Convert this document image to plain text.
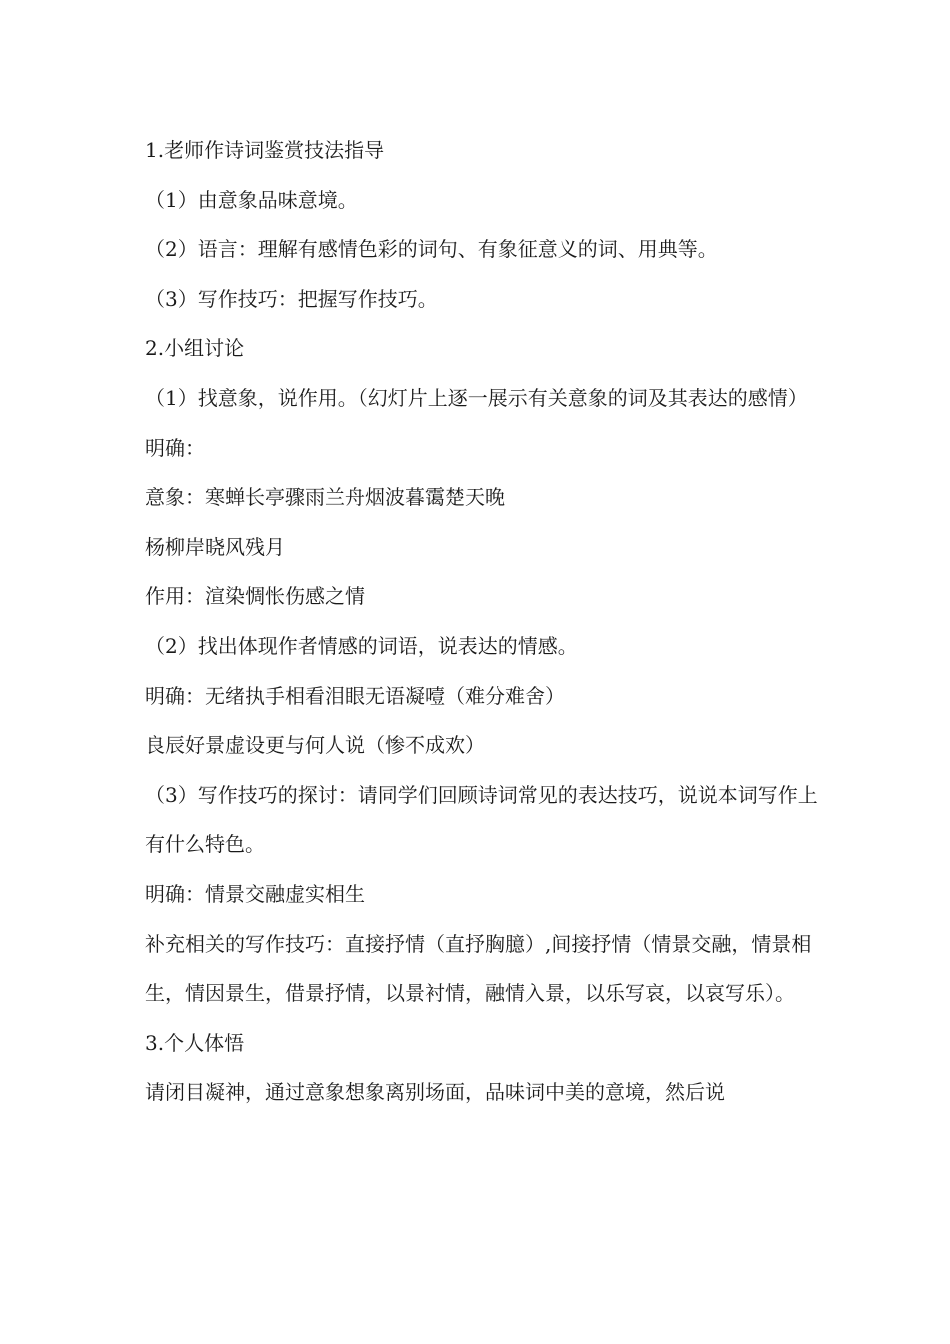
1.老师作诗词鉴赏技法指导

（1）由意象品味意境。

（2）语言：理解有感情色彩的词句、有象征意义的词、用典等。

（3）写作技巧：把握写作技巧。

2.小组讨论

（1）找意象，说作用。（幻灯片上逐一展示有关意象的词及其表达的感情）

明确：

意象：寒蝉长亭骤雨兰舟烟波暮霭楚天晚

杨柳岸晓风残月

作用：渲染惆怅伤感之情

（2）找出体现作者情感的词语，说表达的情感。

明确：无绪执手相看泪眼无语凝噎（难分难舍）

良辰好景虚设更与何人说（惨不成欢）

（3）写作技巧的探讨：请同学们回顾诗词常见的表达技巧，说说本词写作上有什么特色。

明确：情景交融虚实相生

补充相关的写作技巧：直接抒情（直抒胸臆）,间接抒情（情景交融，情景相生，情因景生，借景抒情，以景衬情，融情入景，以乐写哀，以哀写乐）。

3.个人体悟

请闭目凝神，通过意象想象离别场面，品味词中美的意境，然后说
